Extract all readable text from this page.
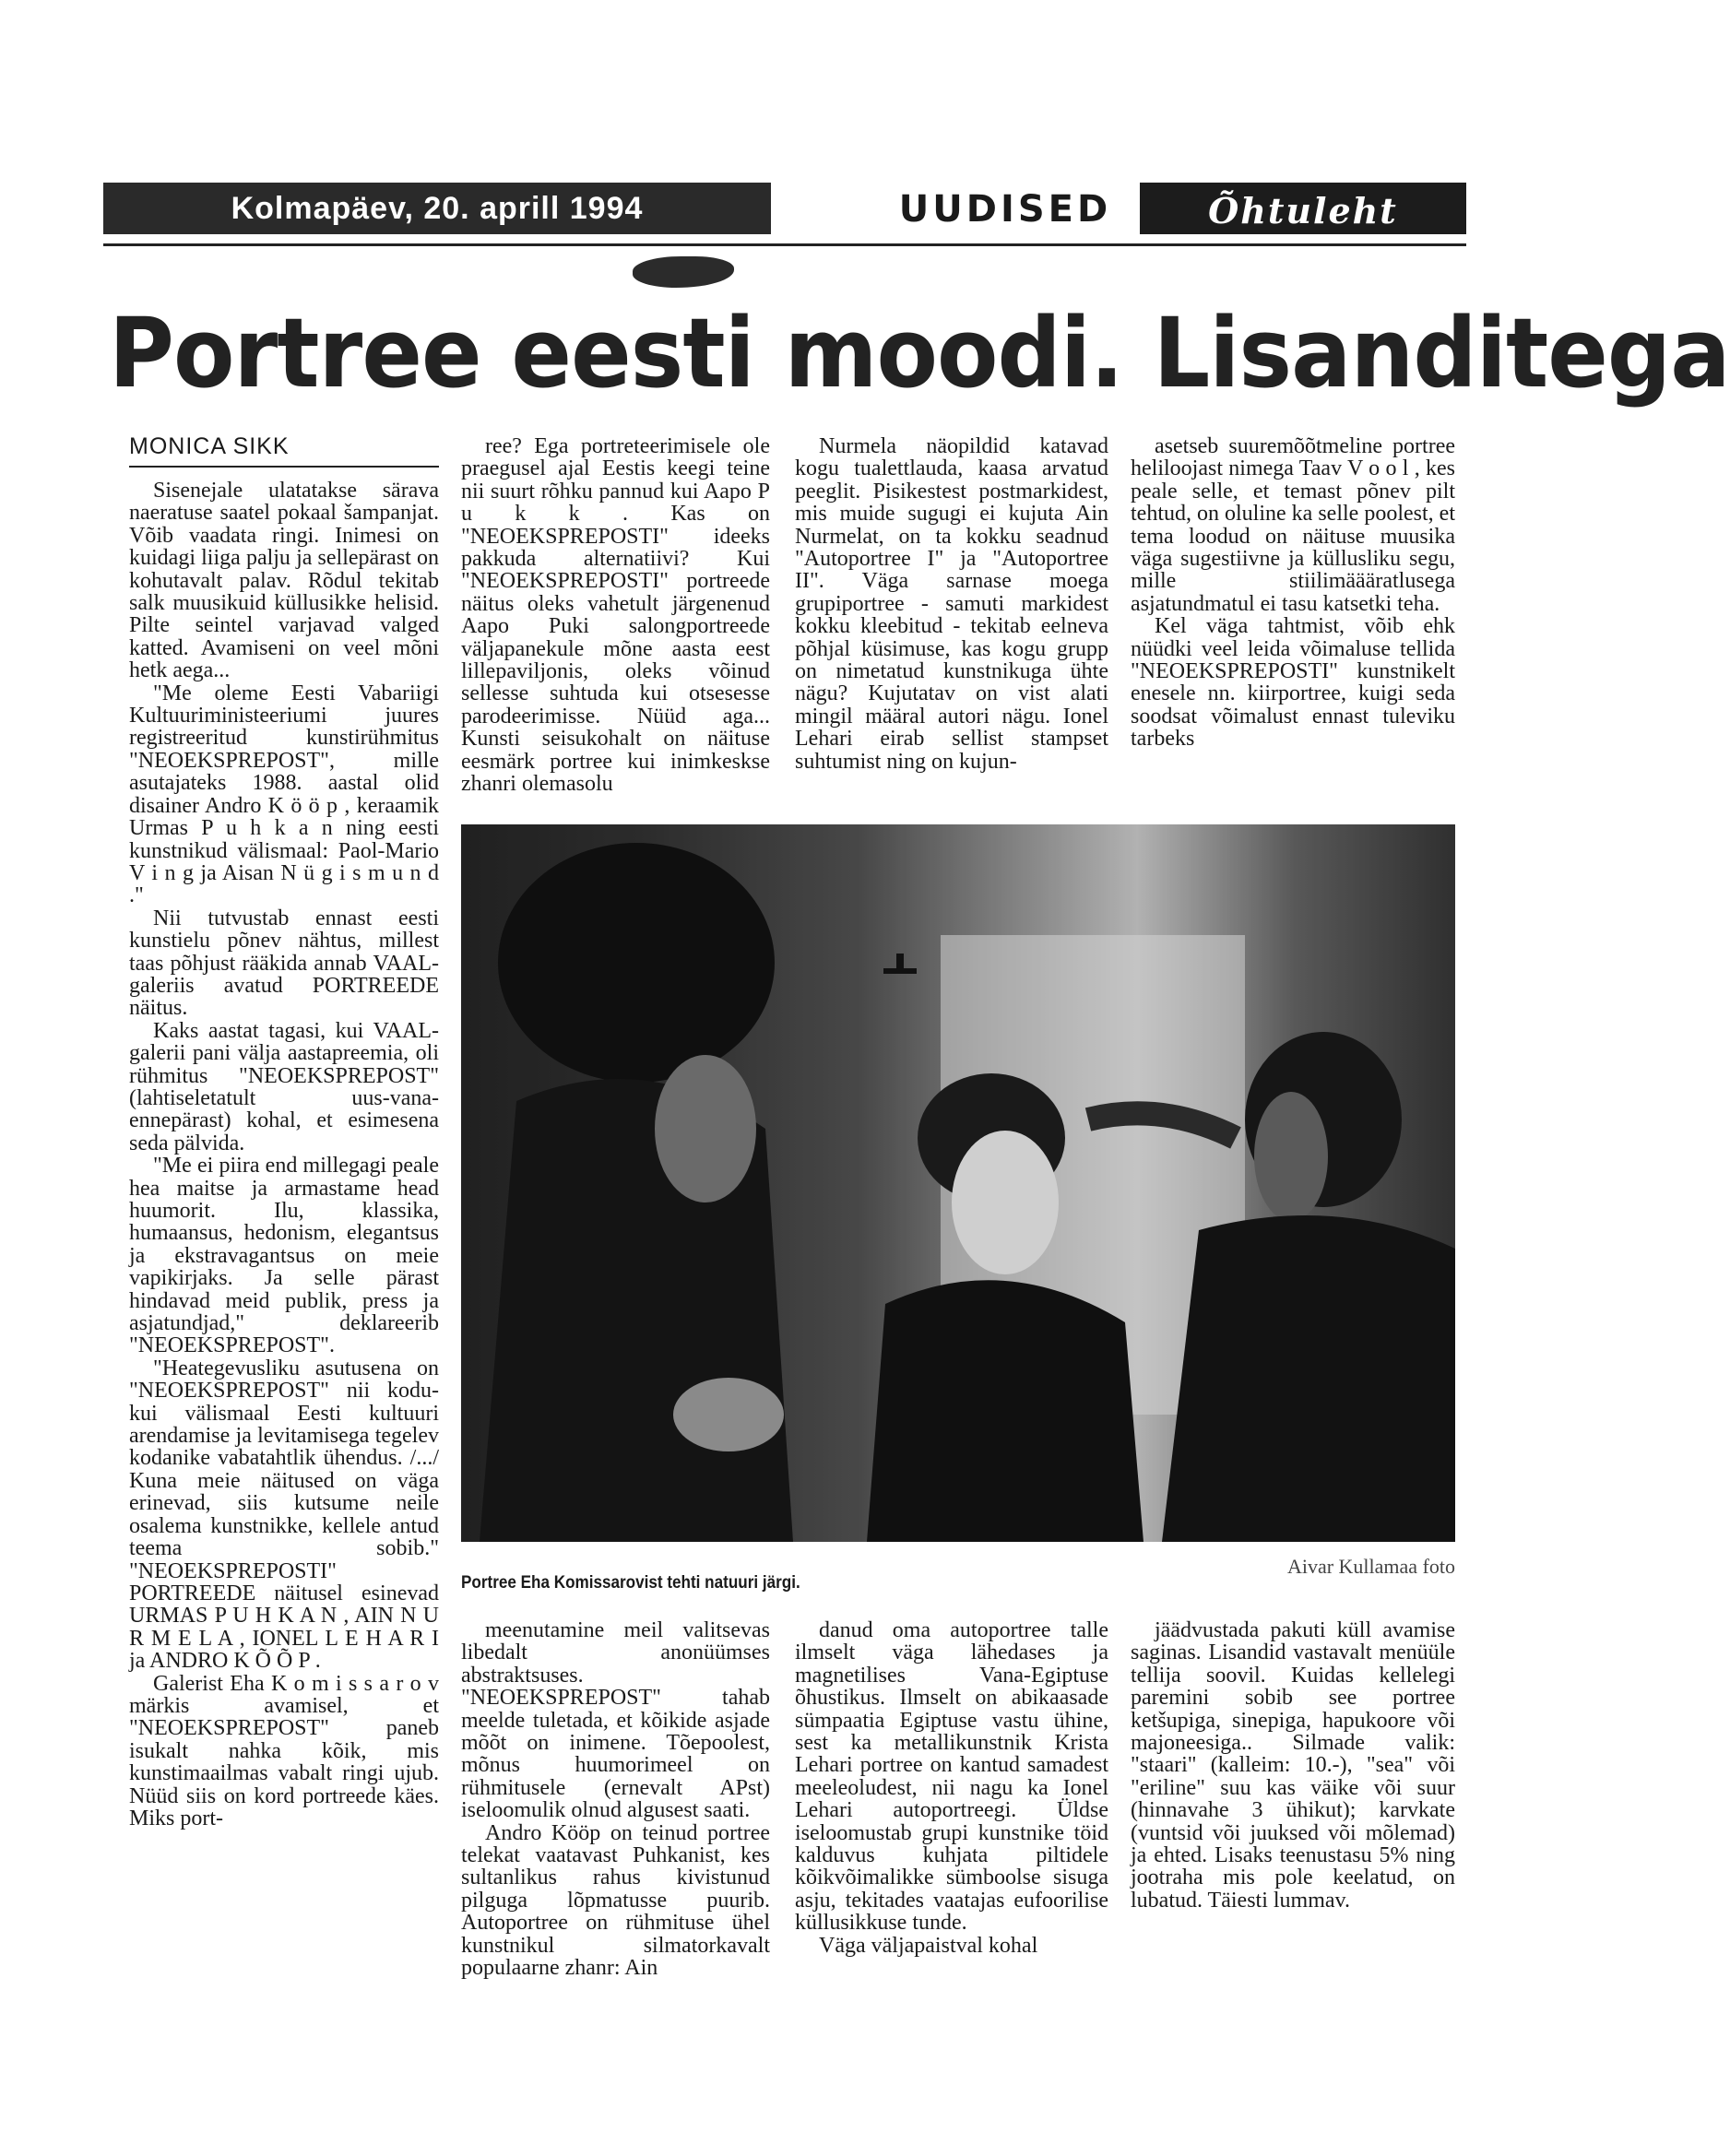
Kolmapäev, 20. aprill 1994	UUDISED	Õhtuleht
Portree eesti moodi. Lisanditega
MONICA SIKK

Sisenejale ulatatakse särava naeratuse saatel pokaal šampanjat. Võib vaadata ringi. Inimesi on kuidagi liiga palju ja sellepärast on kohutavalt palav. Rõdul tekitab salk muusikuid küllusikke helisid. Piltе seintel varjavad valged katted. Avamiseni on veel mõni hetk aega...

"Me oleme Eesti Vabariigi Kultuuriministeeriumi juures registreeritud kunstirühmitus "NEOEKSPREPOST", mille asutajateks 1988. aastal olid disainer Andro K ö ö p , keraamik Urmas P u h k a n ning eesti kunstnikud välismaal: Paol-Mario V i n g ja Aisan N ü g i s m u n d ."

Nii tutvustab ennast eesti kunstielu põnev nähtus, millest taas põhjust rääkida annab VAAL-galeriis avatud PORTREEDE näitus.

Kaks aastat tagasi, kui VAAL-galerii pani välja aastapreemia, oli rühmitus "NEOEKSPREPOST" (lahtiseletatult uus-vana-ennepärast) kohal, et esimesena seda pälvida.

"Me ei piira end millegagi peale hea maitse ja armastame head huumorit. Ilu, klassika, humaansus, hedonism, elegantsus ja ekstravagantsus on meie vapikirjaks. Ja selle pärast hindavad meid publik, press ja asjatundjad," deklareerib "NEOEKSPREPOST".

"Heategevusliku asutusena on "NEOEKSPREPOST" nii kodu- kui välismaal Eesti kultuuri arendamise ja levitamisega tegelev kodanike vabatahtlik ühendus. /.../ Kuna meie näitused on väga erinevad, siis kutsume neile osalema kunstnikke, kellele antud teema sobib." "NEOEKSPREPOSTI" PORTREEDE näitusel esinevad URMAS P U H K A N , AIN N U R M E L A , IONEL L E H A R I ja ANDRO K Õ Õ P .

Galerist Eha K o m i s s a r o v märkis avamisel, et "NEOEKSPREPOST" paneb isukalt nahka kõik, mis kunstimaailmas vabalt ringi ujub. Nüüd siis on kord portreede käes. Miks port-

ree? Ega portreteerimisele ole praegusel ajal Eestis keegi teine nii suurt rõhku pannud kui Aapo P u k k . Kas on "NEOEKSPREPOSTI" ideeks pakkuda alternatiivi? Kui "NEOEKSPREPOSTI" portreede näitus oleks vahetult järgenenud Aapo Puki salongportreede väljapanekule mõne aasta eest lillepaviljonis, oleks võinud sellesse suhtuda kui otsesesse parodeerimisse. Nüüd aga... Kunsti seisukohalt on näituse eesmärk portree kui inimkeskse zhanri olemasolu

Nurmela näopildid katavad kogu tualettlauda, kaasa arvatud peeglit. Pisikestest postmarkidest, mis muide sugugi ei kujuta Ain Nurmelat, on ta kokku seadnud "Autoportree I" ja "Autoportree II". Väga sarnase moega grupiportree - samuti markidest kokku kleebitud - tekitab eelneva põhjal küsimuse, kas kogu grupp on nimetatud kunstnikuga ühte nägu? Kujutatav on vist alati mingil määral autori nägu. Ionel Lehari eirab sellist stampset suhtumist ning on kujun-

asetseb suuremõõtmeline portree heliloojast nimega Taav V o o l , kes peale selle, et temast põnev pilt tehtud, on oluline ka selle poolest, et tema loodud on näituse muusika väga sugestiivne ja küllusliku segu, mille stiilimäääratlusega asjatundmatul ei tasu katsetki teha.

Kel väga tahtmist, võib ehk nüüdki veel leida võimaluse tellida "NEOEKSPREPOSTI" kunstnikelt enesele nn. kiirportree, kuigi seda soodsat võimalust ennast tuleviku tarbeks

Aivar Kullamaa foto
Portree Eha Komissarovist tehti natuuri järgi.

meenutamine meil valitsevas libedalt anonüümses abstraktsuses. "NEOEKSPREPOST" tahab meelde tuletada, et kõikide asjade mõõt on inimene. Tõepoolest, mõnus huumorimeel on rühmitusele (ernevalt APst) iseloomulik olnud algusest saati.

Andro Kööp on teinud portree telekat vaatavast Puhkanist, kes sultanlikus rahus kivistunud pilguga lõpmatusse puurib. Autoportree on rühmituse ühel kunstnikul silmatorkavalt populaarne zhanr: Ain

danud oma autoportree talle ilmselt väga lähedases ja magnetilises Vana-Egiptuse õhustikus. Ilmselt on abikaasade sümpaatia Egiptuse vastu ühine, sest ka metallikunstnik Krista Lehari portree on kantud samadest meeleoludest, nii nagu ka Ionel Lehari autoportreegi. Üldse iseloomustab grupi kunstnike töid kalduvus kuhjata piltidele kõikvõimalikke sümboolse sisuga asju, tekitades vaatajas eufoorilise küllusikkuse tunde.

Väga väljapaistval kohal

jäädvustada pakuti küll avamise saginas. Lisandid vastavalt menüüle tellija soovil. Kuidas kellelegi paremini sobib see portree ketšupiga, sinepiga, hapukoore või majoneesiga.. Silmade valik: "staari" (kalleim: 10.-), "sea" või "eriline" suu kas väike või suur (hinnavahe 3 ühikut); karvkate (vuntsid või juuksed või mõlemad) ja ehted. Lisaks teenustasu 5% ning jootraha mis pole keelatud, on lubatud. Täiesti lummav.
